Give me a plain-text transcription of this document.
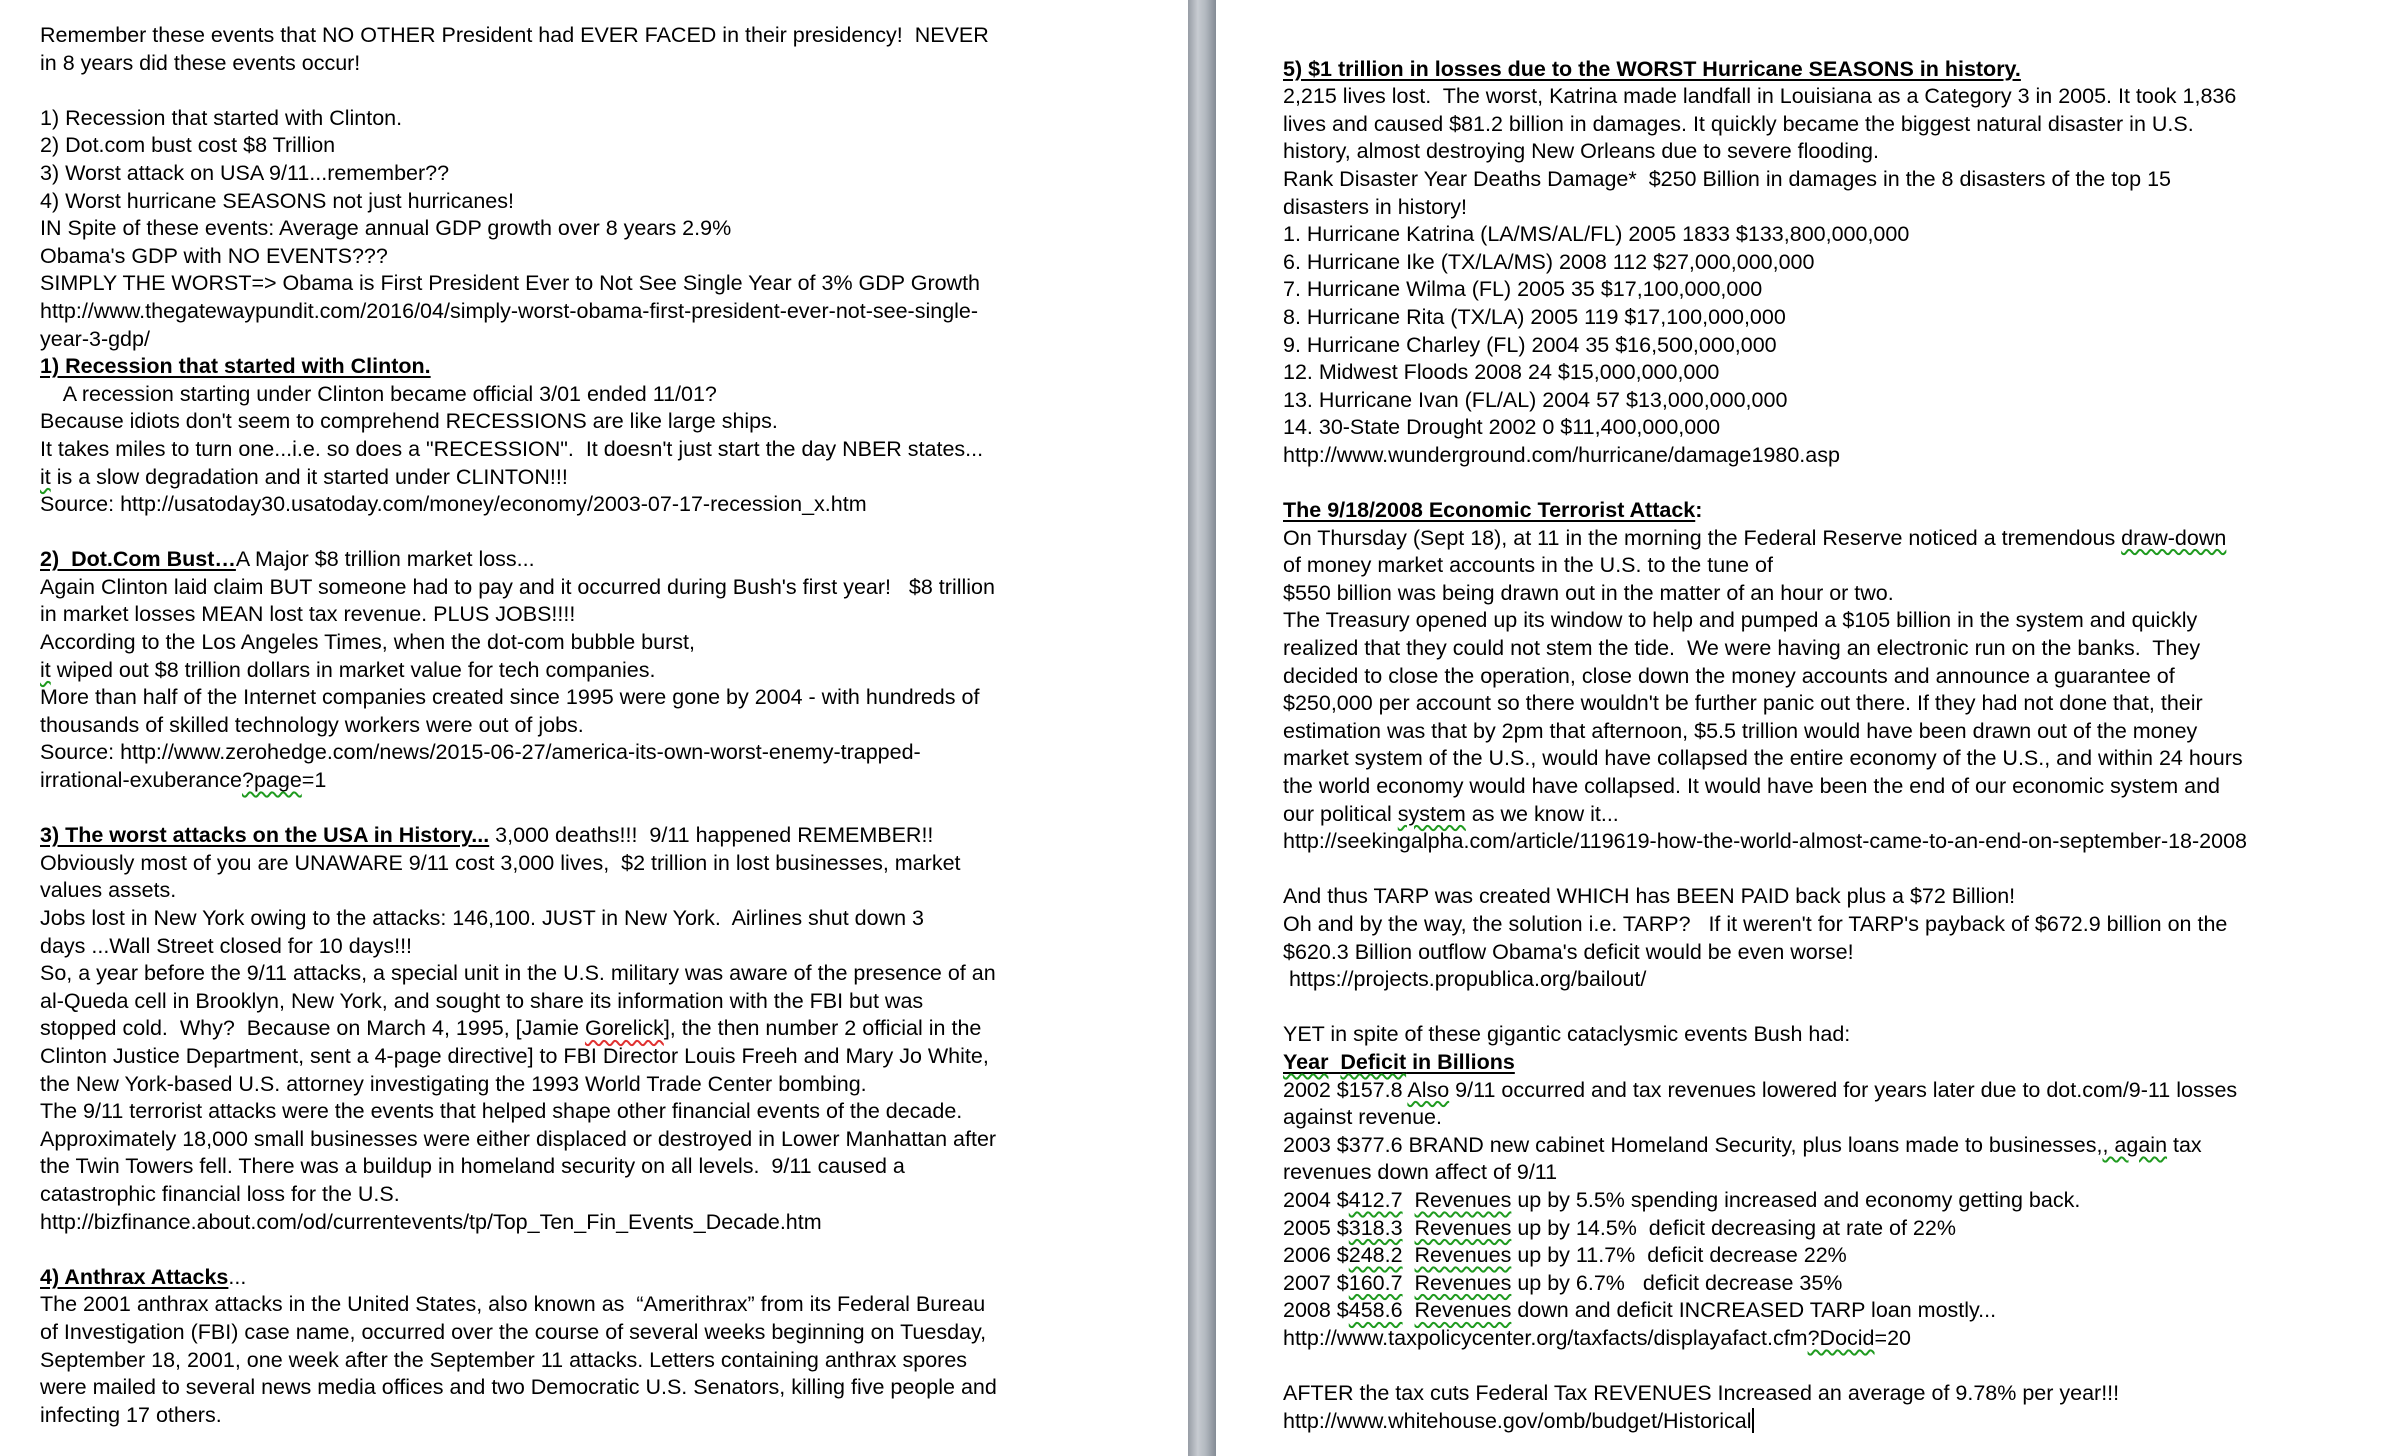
Remember these events that NO OTHER President had EVER FACED in their presidency!  NEVER
in 8 years did these events occur!
1) Recession that started with Clinton.
2) Dot.com bust cost $8 Trillion
3) Worst attack on USA 9/11...remember??
4) Worst hurricane SEASONS not just hurricanes!
IN Spite of these events: Average annual GDP growth over 8 years 2.9%
Obama's GDP with NO EVENTS???
SIMPLY THE WORST=> Obama is First President Ever to Not See Single Year of 3% GDP Growth
http://www.thegatewaypundit.com/2016/04/simply-worst-obama-first-president-ever-not-see-single-
year-3-gdp/
1) Recession that started with Clinton.
A recession starting under Clinton became official 3/01 ended 11/01?
Because idiots don't seem to comprehend RECESSIONS are like large ships.
It takes miles to turn one...i.e. so does a "RECESSION".  It doesn't just start the day NBER states...
it is a slow degradation and it started under CLINTON!!!
Source: http://usatoday30.usatoday.com/money/economy/2003-07-17-recession_x.htm
2)  Dot.Com Bust…A Major $8 trillion market loss...
Again Clinton laid claim BUT someone had to pay and it occurred during Bush's first year!   $8 trillion
in market losses MEAN lost tax revenue. PLUS JOBS!!!!
According to the Los Angeles Times, when the dot-com bubble burst,
it wiped out $8 trillion dollars in market value for tech companies.
More than half of the Internet companies created since 1995 were gone by 2004 - with hundreds of
thousands of skilled technology workers were out of jobs.
Source: http://www.zerohedge.com/news/2015-06-27/america-its-own-worst-enemy-trapped-
irrational-exuberance?page=1
3) The worst attacks on the USA in History... 3,000 deaths!!!  9/11 happened REMEMBER!!
Obviously most of you are UNAWARE 9/11 cost 3,000 lives,  $2 trillion in lost businesses, market
values assets.
Jobs lost in New York owing to the attacks: 146,100. JUST in New York.  Airlines shut down 3
days ...Wall Street closed for 10 days!!!
So, a year before the 9/11 attacks, a special unit in the U.S. military was aware of the presence of an
al-Queda cell in Brooklyn, New York, and sought to share its information with the FBI but was
stopped cold.  Why?  Because on March 4, 1995, [Jamie Gorelick], the then number 2 official in the
Clinton Justice Department, sent a 4-page directive] to FBI Director Louis Freeh and Mary Jo White,
the New York-based U.S. attorney investigating the 1993 World Trade Center bombing.
The 9/11 terrorist attacks were the events that helped shape other financial events of the decade.
Approximately 18,000 small businesses were either displaced or destroyed in Lower Manhattan after
the Twin Towers fell. There was a buildup in homeland security on all levels.  9/11 caused a
catastrophic financial loss for the U.S.
http://bizfinance.about.com/od/currentevents/tp/Top_Ten_Fin_Events_Decade.htm
4) Anthrax Attacks...
The 2001 anthrax attacks in the United States, also known as  “Amerithrax” from its Federal Bureau
of Investigation (FBI) case name, occurred over the course of several weeks beginning on Tuesday,
September 18, 2001, one week after the September 11 attacks. Letters containing anthrax spores
were mailed to several news media offices and two Democratic U.S. Senators, killing five people and
infecting 17 others.
5) $1 trillion in losses due to the WORST Hurricane SEASONS in history.
2,215 lives lost.  The worst, Katrina made landfall in Louisiana as a Category 3 in 2005. It took 1,836
lives and caused $81.2 billion in damages. It quickly became the biggest natural disaster in U.S.
history, almost destroying New Orleans due to severe flooding.
Rank Disaster Year Deaths Damage*  $250 Billion in damages in the 8 disasters of the top 15
disasters in history!
1. Hurricane Katrina (LA/MS/AL/FL) 2005 1833 $133,800,000,000
6. Hurricane Ike (TX/LA/MS) 2008 112 $27,000,000,000
7. Hurricane Wilma (FL) 2005 35 $17,100,000,000
8. Hurricane Rita (TX/LA) 2005 119 $17,100,000,000
9. Hurricane Charley (FL) 2004 35 $16,500,000,000
12. Midwest Floods 2008 24 $15,000,000,000
13. Hurricane Ivan (FL/AL) 2004 57 $13,000,000,000
14. 30-State Drought 2002 0 $11,400,000,000
http://www.wunderground.com/hurricane/damage1980.asp
The 9/18/2008 Economic Terrorist Attack:
On Thursday (Sept 18), at 11 in the morning the Federal Reserve noticed a tremendous draw-down
of money market accounts in the U.S. to the tune of
$550 billion was being drawn out in the matter of an hour or two.
The Treasury opened up its window to help and pumped a $105 billion in the system and quickly
realized that they could not stem the tide.  We were having an electronic run on the banks.  They
decided to close the operation, close down the money accounts and announce a guarantee of
$250,000 per account so there wouldn't be further panic out there. If they had not done that, their
estimation was that by 2pm that afternoon, $5.5 trillion would have been drawn out of the money
market system of the U.S., would have collapsed the entire economy of the U.S., and within 24 hours
the world economy would have collapsed. It would have been the end of our economic system and
our political system as we know it...
http://seekingalpha.com/article/119619-how-the-world-almost-came-to-an-end-on-september-18-2008
And thus TARP was created WHICH has BEEN PAID back plus a $72 Billion!
Oh and by the way, the solution i.e. TARP?   If it weren't for TARP's payback of $672.9 billion on the
$620.3 Billion outflow Obama's deficit would be even worse!
https://projects.propublica.org/bailout/
YET in spite of these gigantic cataclysmic events Bush had:
Year Deficit in Billions
2002 $157.8 Also 9/11 occurred and tax revenues lowered for years later due to dot.com/9-11 losses
against revenue.
2003 $377.6 BRAND new cabinet Homeland Security, plus loans made to businesses,, again tax
revenues down affect of 9/11
2004 $412.7 Revenues up by 5.5% spending increased and economy getting back.
2005 $318.3 Revenues up by 14.5%  deficit decreasing at rate of 22%
2006 $248.2 Revenues up by 11.7%  deficit decrease 22%
2007 $160.7 Revenues up by 6.7%   deficit decrease 35%
2008 $458.6 Revenues down and deficit INCREASED TARP loan mostly...
http://www.taxpolicycenter.org/taxfacts/displayafact.cfm?Docid=20
AFTER the tax cuts Federal Tax REVENUES Increased an average of 9.78% per year!!!
http://www.whitehouse.gov/omb/budget/Historical
